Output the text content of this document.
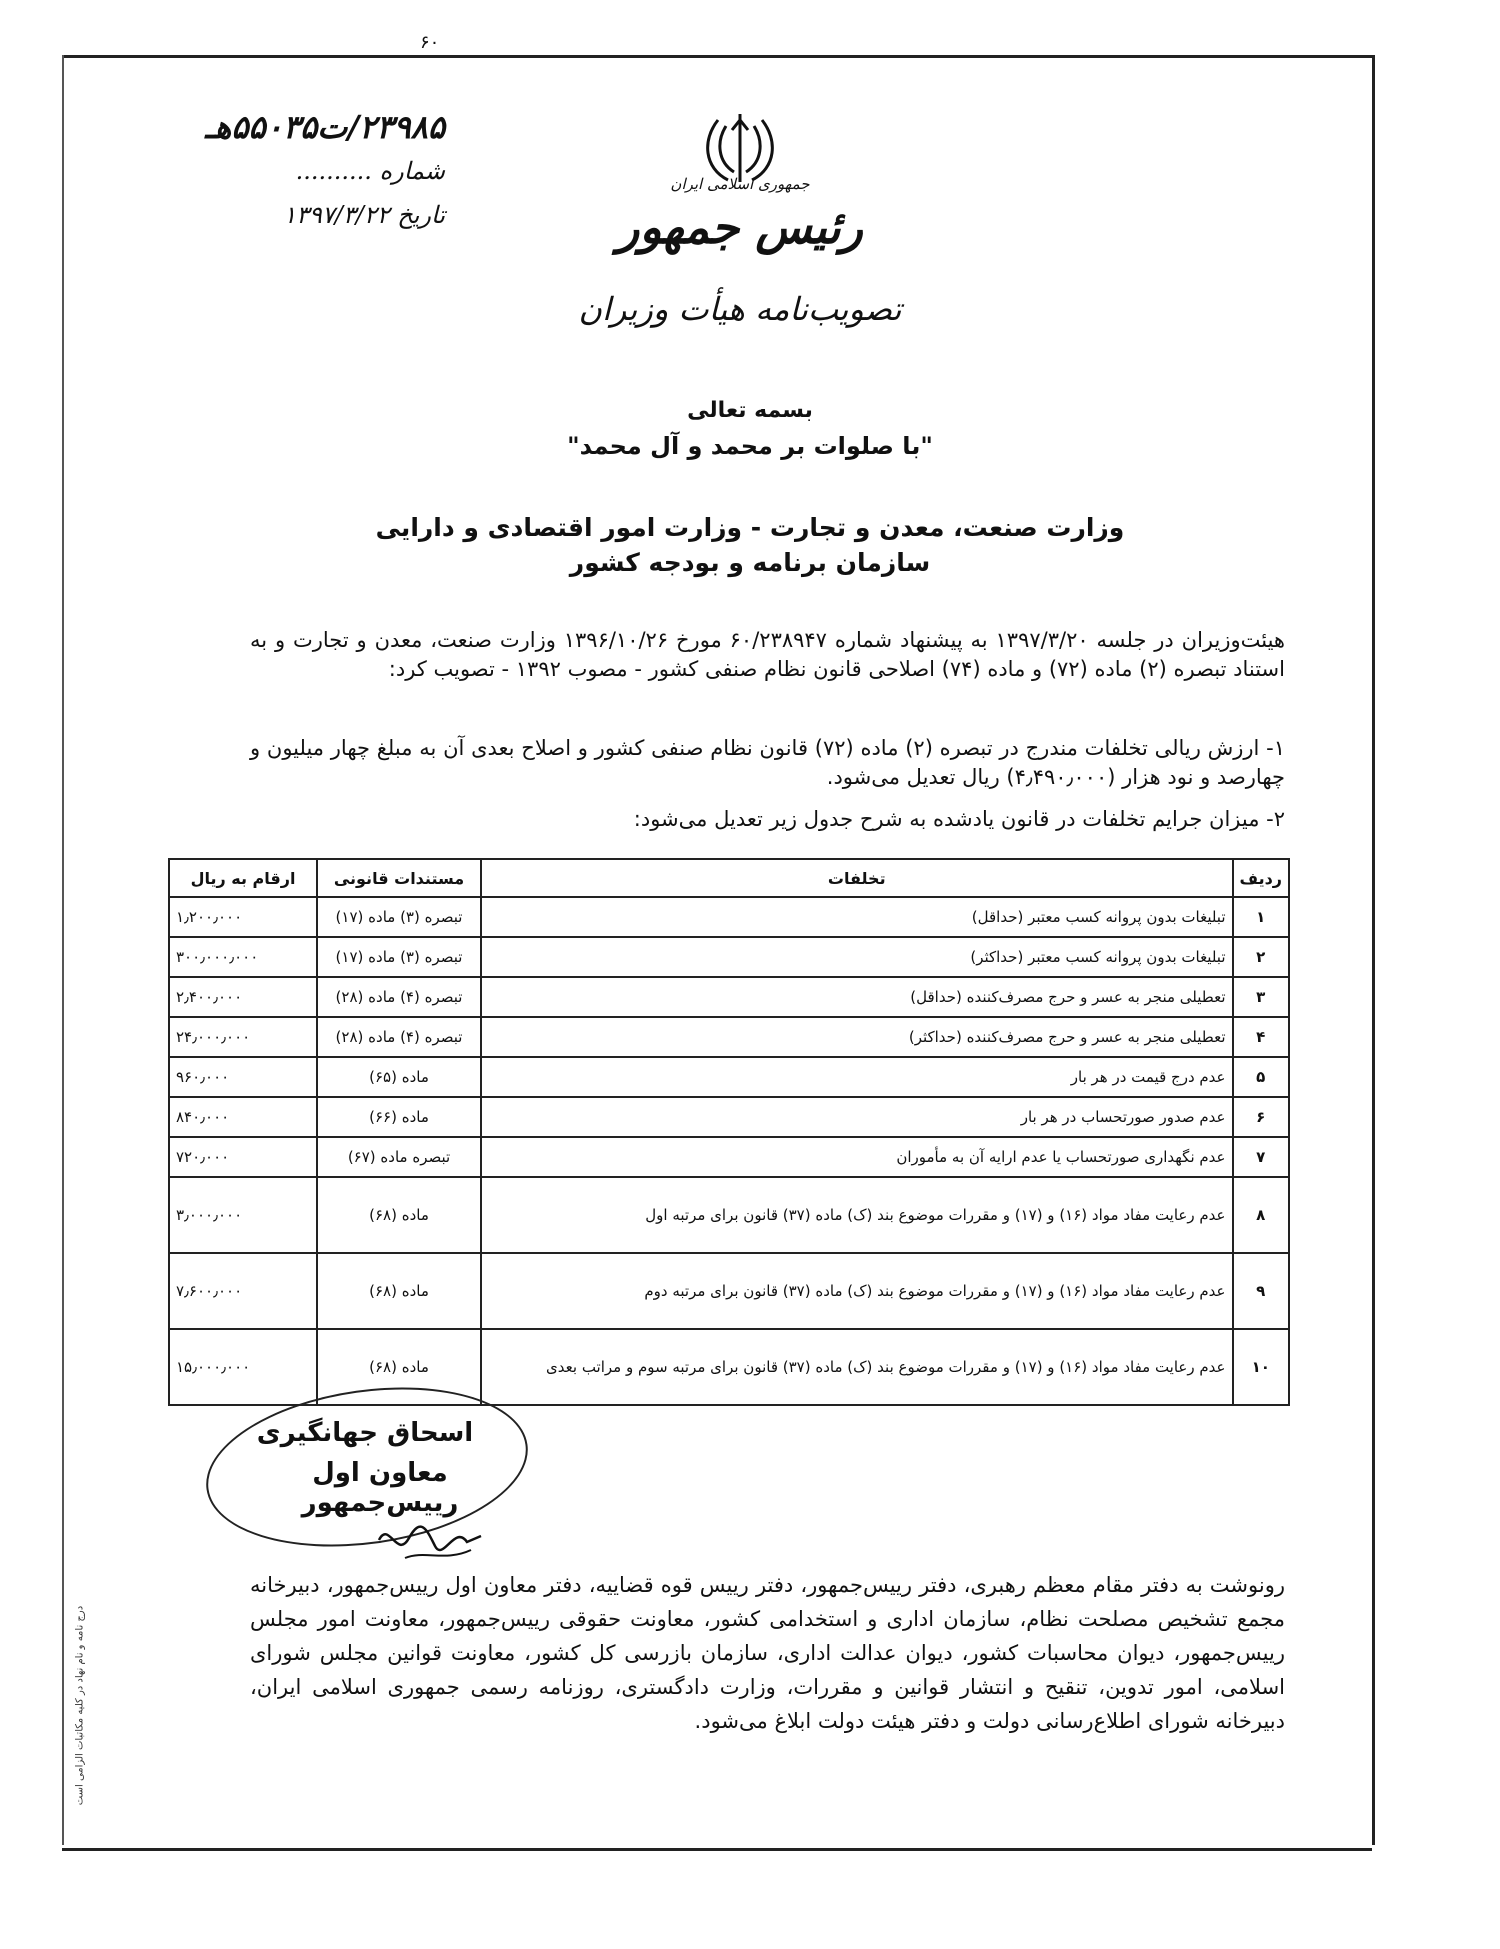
۶۰
۲۳۹۸۵/ت۵۵۰۳۵هـ
شماره ..........
تاریخ ۱۳۹۷/۳/۲۲
جمهوری اسلامی ایران
رئیس جمهور
تصویب‌نامه هیأت وزیران
بسمه تعالی
"با صلوات بر محمد و آل محمد"
وزارت صنعت، معدن و تجارت - وزارت امور اقتصادی و دارایی
سازمان برنامه و بودجه کشور
هیئت‌وزیران در جلسه ۱۳۹۷/۳/۲۰ به پیشنهاد شماره ۶۰/۲۳۸۹۴۷ مورخ ۱۳۹۶/۱۰/۲۶ وزارت صنعت، معدن و تجارت و به استناد تبصره (۲) ماده (۷۲) و ماده (۷۴) اصلاحی قانون نظام صنفی کشور - مصوب ۱۳۹۲ - تصویب کرد:
۱- ارزش ریالی تخلفات مندرج در تبصره (۲) ماده (۷۲) قانون نظام صنفی کشور و اصلاح بعدی آن به مبلغ چهار میلیون و چهارصد و نود هزار (۴٫۴۹۰٫۰۰۰) ریال تعدیل می‌شود.
۲- میزان جرایم تخلفات در قانون یادشده به شرح جدول زیر تعدیل می‌شود:
ردیف	تخلفات	مستندات قانونی	ارقام به ریال
۱	تبلیغات بدون پروانه کسب معتبر (حداقل)	تبصره (۳) ماده (۱۷)	۱٫۲۰۰٫۰۰۰
۲	تبلیغات بدون پروانه کسب معتبر (حداکثر)	تبصره (۳) ماده (۱۷)	۳۰۰٫۰۰۰٫۰۰۰
۳	تعطیلی منجر به عسر و حرج مصرف‌کننده (حداقل)	تبصره (۴) ماده (۲۸)	۲٫۴۰۰٫۰۰۰
۴	تعطیلی منجر به عسر و حرج مصرف‌کننده (حداکثر)	تبصره (۴) ماده (۲۸)	۲۴٫۰۰۰٫۰۰۰
۵	عدم درج قیمت در هر بار	ماده (۶۵)	۹۶۰٫۰۰۰
۶	عدم صدور صورتحساب در هر بار	ماده (۶۶)	۸۴۰٫۰۰۰
۷	عدم نگهداری صورتحساب یا عدم ارایه آن به مأموران	تبصره ماده (۶۷)	۷۲۰٫۰۰۰
۸	عدم رعایت مفاد مواد (۱۶) و (۱۷) و مقررات موضوع بند (ک) ماده (۳۷) قانون برای مرتبه اول	ماده (۶۸)	۳٫۰۰۰٫۰۰۰
۹	عدم رعایت مفاد مواد (۱۶) و (۱۷) و مقررات موضوع بند (ک) ماده (۳۷) قانون برای مرتبه دوم	ماده (۶۸)	۷٫۶۰۰٫۰۰۰
۱۰	عدم رعایت مفاد مواد (۱۶) و (۱۷) و مقررات موضوع بند (ک) ماده (۳۷) قانون برای مرتبه سوم و مراتب بعدی	ماده (۶۸)	۱۵٫۰۰۰٫۰۰۰
اسحاق جهانگیری
معاون اول رییس‌جمهور
رونوشت به دفتر مقام معظم رهبری، دفتر رییس‌جمهور، دفتر رییس قوه قضاییه، دفتر معاون اول رییس‌جمهور، دبیرخانه مجمع تشخیص مصلحت نظام، سازمان اداری و استخدامی کشور، معاونت حقوقی رییس‌جمهور، معاونت امور مجلس رییس‌جمهور، دیوان محاسبات کشور، دیوان عدالت اداری، سازمان بازرسی کل کشور، معاونت قوانین مجلس شورای اسلامی، امور تدوین، تنقیح و انتشار قوانین و مقررات، وزارت دادگستری، روزنامه رسمی جمهوری اسلامی ایران، دبیرخانه شورای اطلاع‌رسانی دولت و دفتر هیئت دولت ابلاغ می‌شود.
درج نامه و نام نهاد در کلیه مکاتبات الزامی است
